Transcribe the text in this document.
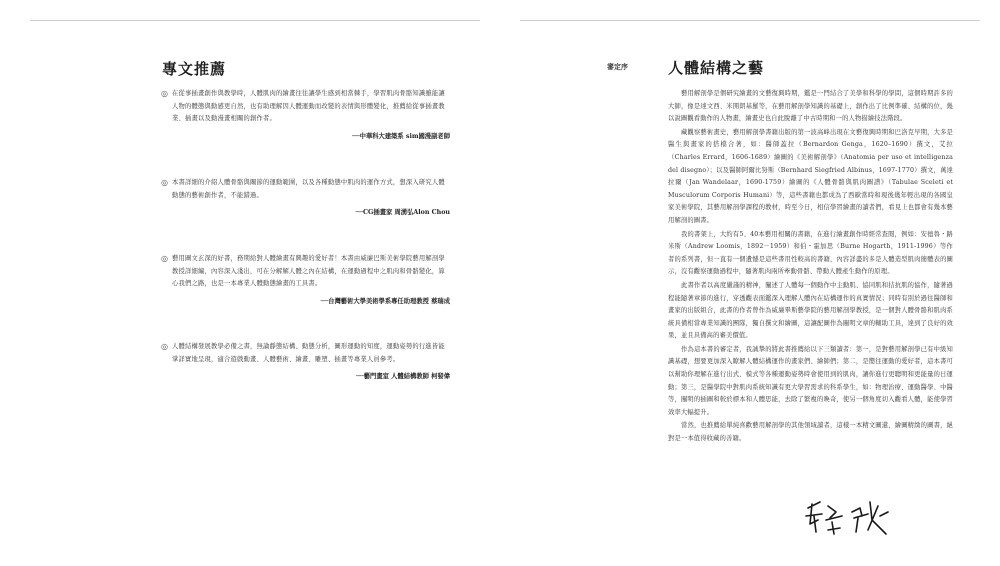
專文推薦
◎ 在從事插畫創作與教學時，人體肌肉的繪畫往往讓學生感到相當棘手，學習肌肉骨骼知識雖能讓人物的體態與動感更自然，也有助理解因人體運動而改變的表情與形體變化，推薦給從事插畫教業、插畫以及動漫畫相關的創作者。
──中華科大建築系 sim國漫副老師
◎ 本書詳細的介紹人體骨骼與關節的運動範圍，以及各種動態中肌肉的運作方式，想深入研究人體動態的藝術創作者，不能錯過。
──CG插畫家 周湧弘Alon Chou
◎ 藝用圖文玄深的好書，務期給對人體繪畫有興趣的愛好者！本書由威廉巴斯美術學院藝用解剖學教授詳細編，內容深入淺出，可在分解解人體之內在結構，在運動過程中之肌肉和骨骼變化，算心我們之路，也是一本專業人體動態繪畫的工具書。
──台灣藝術大學美術學系專任助理教授 蔡瑞成
◎ 人體結構發展教學必備之書，無論靜態結構、動態分析，圖形運動的知度，運動姿勢的行進皆能掌詳實地呈現，適合遊戲動畫、人體藝術、繪畫、雕塑、插畫等專業人員參考。
──藝門畫室 人體結構教師 柯發偉
審定序	人體結構之藝

藝用解剖學是個研究繪畫的文藝復興時期，鑑是一門結合了美學和科學的學問，這個時期許多的大師，像是達文西、米開朗基羅等，在藝用解剖學知識的基礎上，創作出了比例準確、結構的位，幾以說圖觀看動作的人物畫，繪畫史也自此脫離了中古時期和一的人物描繪技法階段。

藏觀察藝術畫史，藝用解剖學書籍出版的第一波高峰出現在文藝復興時期和巴洛克早期，大多是醫生與畫家的搭檔合著，如：醫師蓋拉（Bernardon Genga，1620–1690）撰文，艾拉（Charles Errard，1606-1689）繪圖的《美術解剖學》（Anatomia per uso et intelligenza del disegno）；以及醫師阿爾比努斯（Bernhard Siegfried Albinus，1697-1770）撰文，萬達拉爾（Jan Wandelaar，1690-1759）繪圖的《人體骨骼與肌肉圖譜》（Tabulae Sceleti et Musculorum Corporis Humani）等，這些書籍也都成為了西歐當時和現後幾年輕出現的各國皇家美術學院，其藝用解剖學課程的教材，時至今日，相信學習繪畫的讀者們，看見上也都會有幾本藝用解剖的圖書。

我的書架上，大約有5、40本藝用相關的書籍，在進行繪畫創作時經常查閱，例如：安德魯・路米斯（Andrew Loomis，1892－1959）和伯・霍加思（Burne Hogarth，1911-1996）等作者的系列書，但一直有一個遺憾是這些書用性較高的書籍，內容詳盡的多是人體造型肌肉簡體表的圖示，沒有觀察運動過程中，隨著肌肉兩所牽動骨骼、帶動人體產生動作的原理。

此書作者以高度嚴謹的精神，闡述了人體每一個動作中主動肌、協同肌和拮抗肌的協作，隨著過程能隨著章節的進行，穿透觀表面鑑深入理解人體內在結構運作的真實情況；同時有別於過往醫師和畫家的出版組合，此書的作者曾作為威廉畢斯藝學院的藝用解剖學教授，是一個對人體骨骼和肌肉系統具備相當專業知識的團隊，獨自撰文和繪圖，這讓配圖作為闡明文章的輔助工具，達到了良好的效果，並且具備高的審美價值。

作為這本書的審定者，我誠摯的將此書推薦給以下三類讀者：第一，是對藝用解剖學已有中級知識基礎，想要更加深入瞭解人體結構運作的畫家們、繪師們；第二，是嚮往運動的愛好者，這本書可以幫助你理解在進行出式、模式等各種運動姿勢時會使用到的肌肉，讓你進行更聰明和更能量的日運動；第三，是醫學院中對肌肉系統知識有更大學習需求的科系學生，如：物理治療、運動醫學、中醫等，闡明的插圖和較於標本和人體思能，去除了繁複的喚奇，使另一個角度切入觀看人體，能使學習效率大幅提升。

當然，也推薦給單純喜歡藝用解剖學的其他領域讀者，這樣一本精文圖還，繪圖精緻的圖書，絕對是一本值得收藏的善籍。
